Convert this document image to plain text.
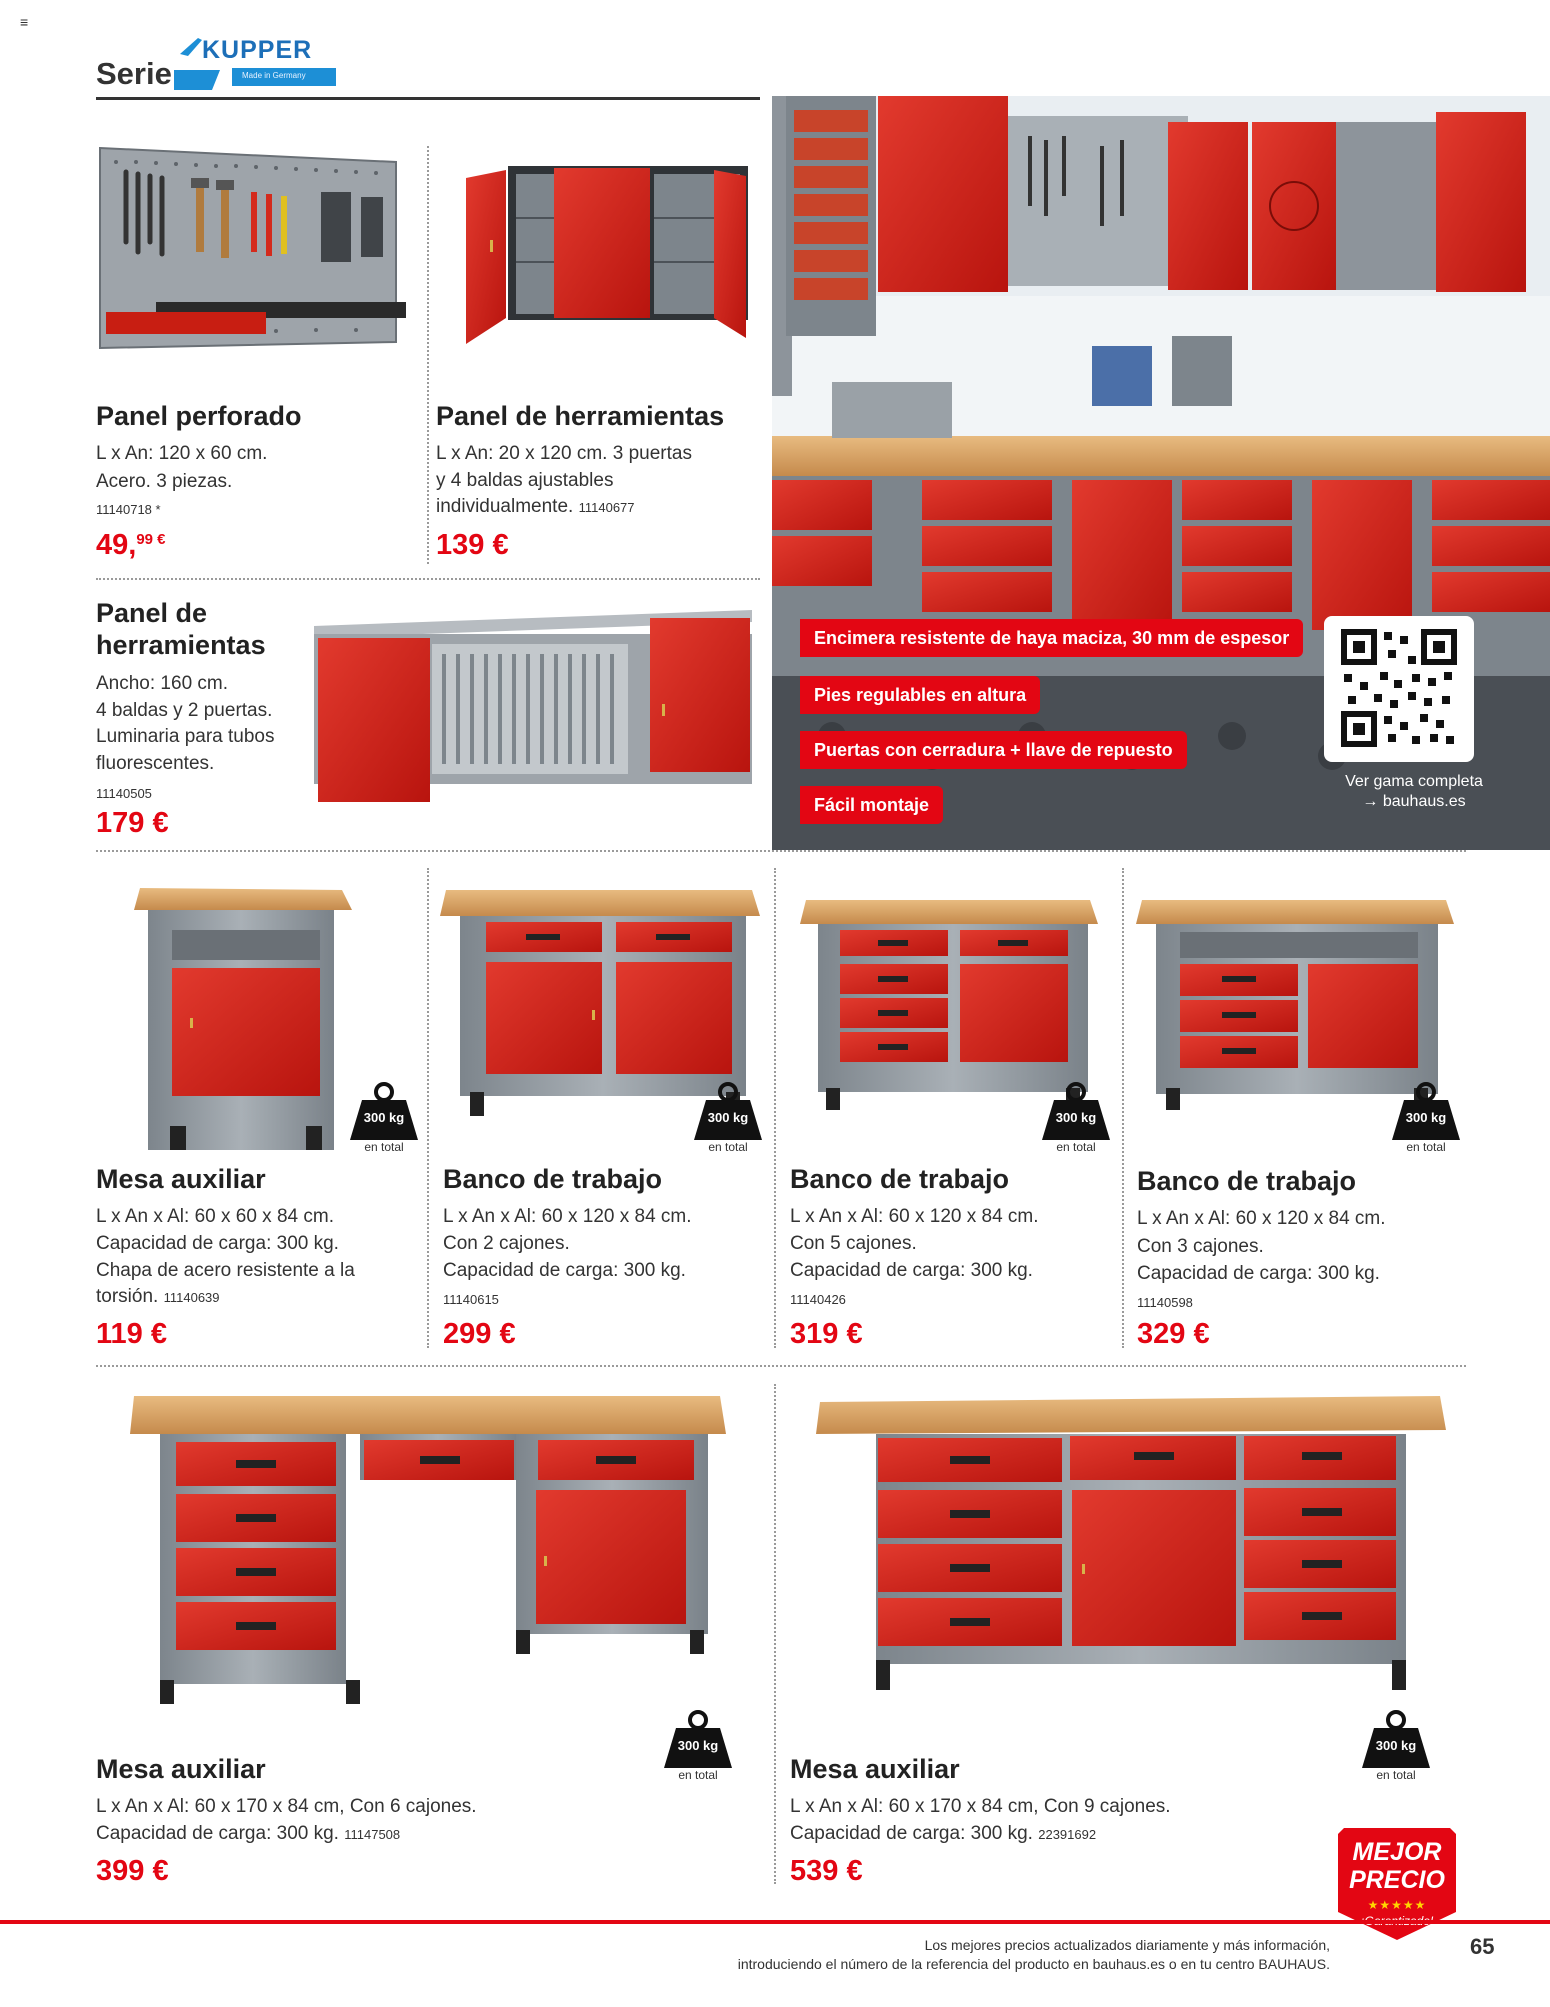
≡
Serie
KUPPER
Made in Germany
Panel perforado
L x An: 120 x 60 cm.
Acero. 3 piezas.
11140718 *
49,$^{99 €}$
Panel de herramientas
L x An: 20 x 120 cm. 3 puertas
y 4 baldas ajustables
individualmente. 11140677
139 €
Panel de
herramientas
Ancho: 160 cm.
4 baldas y 2 puertas.
Luminaria para tubos
fluorescentes.
11140505
179 €
Encimera resistente de haya maciza, 30 mm de espesor
Pies regulables en altura
Puertas con cerradura + llave de repuesto
Fácil montaje
Ver gama completa
→ bauhaus.es
300 kg
en total
300 kg
en total
300 kg
en total
300 kg
en total
Mesa auxiliar
L x An x Al: 60 x 60 x 84 cm.
Capacidad de carga: 300 kg.
Chapa de acero resistente a la
torsión. 11140639
119 €
Banco de trabajo
L x An x Al: 60 x 120 x 84 cm.
Con 2 cajones.
Capacidad de carga: 300 kg.
11140615
299 €
Banco de trabajo
L x An x Al: 60 x 120 x 84 cm.
Con 5 cajones.
Capacidad de carga: 300 kg.
11140426
319 €
Banco de trabajo
L x An x Al: 60 x 120 x 84 cm.
Con 3 cajones.
Capacidad de carga: 300 kg.
11140598
329 €
300 kg
en total
300 kg
en total
Mesa auxiliar
L x An x Al: 60 x 170 x 84 cm, Con 6 cajones.
Capacidad de carga: 300 kg. 11147508
399 €
Mesa auxiliar
L x An x Al: 60 x 170 x 84 cm, Con 9 cajones.
Capacidad de carga: 300 kg. 22391692
539 €
MEJOR
PRECIO
★★★★★
Los mejores precios actualizados diariamente y más información,
introduciendo el número de la referencia del producto en bauhaus.es o en tu centro BAUHAUS.
65
